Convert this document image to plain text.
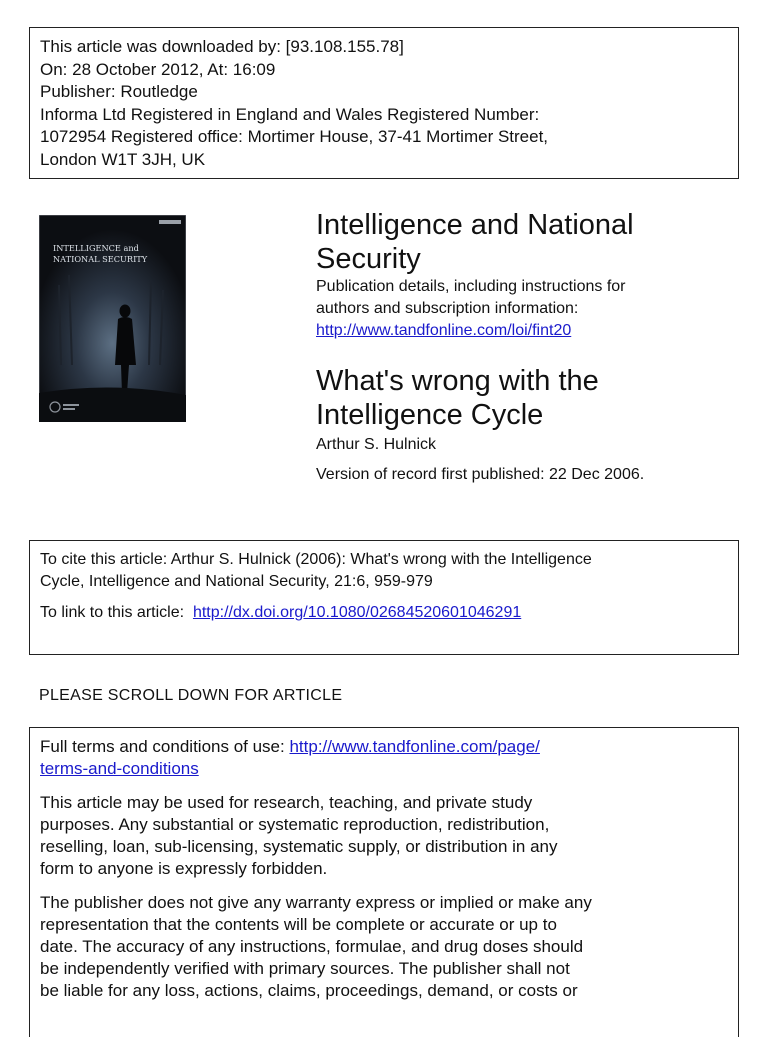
This article was downloaded by: [93.108.155.78]
On: 28 October 2012, At: 16:09
Publisher: Routledge
Informa Ltd Registered in England and Wales Registered Number:
1072954 Registered office: Mortimer House, 37-41 Mortimer Street,
London W1T 3JH, UK
INTELLIGENCE and
NATIONAL SECURITY
Intelligence and National
Security
Publication details, including instructions for
authors and subscription information:
http://www.tandfonline.com/loi/fint20
What's wrong with the
Intelligence Cycle
Arthur S. Hulnick
Version of record first published: 22 Dec 2006.
To cite this article: Arthur S. Hulnick (2006): What's wrong with the Intelligence
Cycle, Intelligence and National Security, 21:6, 959-979
To link to this article: http://dx.doi.org/10.1080/02684520601046291
PLEASE SCROLL DOWN FOR ARTICLE
Full terms and conditions of use: http://www.tandfonline.com/page/
terms-and-conditions
This article may be used for research, teaching, and private study
purposes. Any substantial or systematic reproduction, redistribution,
reselling, loan, sub-licensing, systematic supply, or distribution in any
form to anyone is expressly forbidden.
The publisher does not give any warranty express or implied or make any
representation that the contents will be complete or accurate or up to
date. The accuracy of any instructions, formulae, and drug doses should
be independently verified with primary sources. The publisher shall not
be liable for any loss, actions, claims, proceedings, demand, or costs or
